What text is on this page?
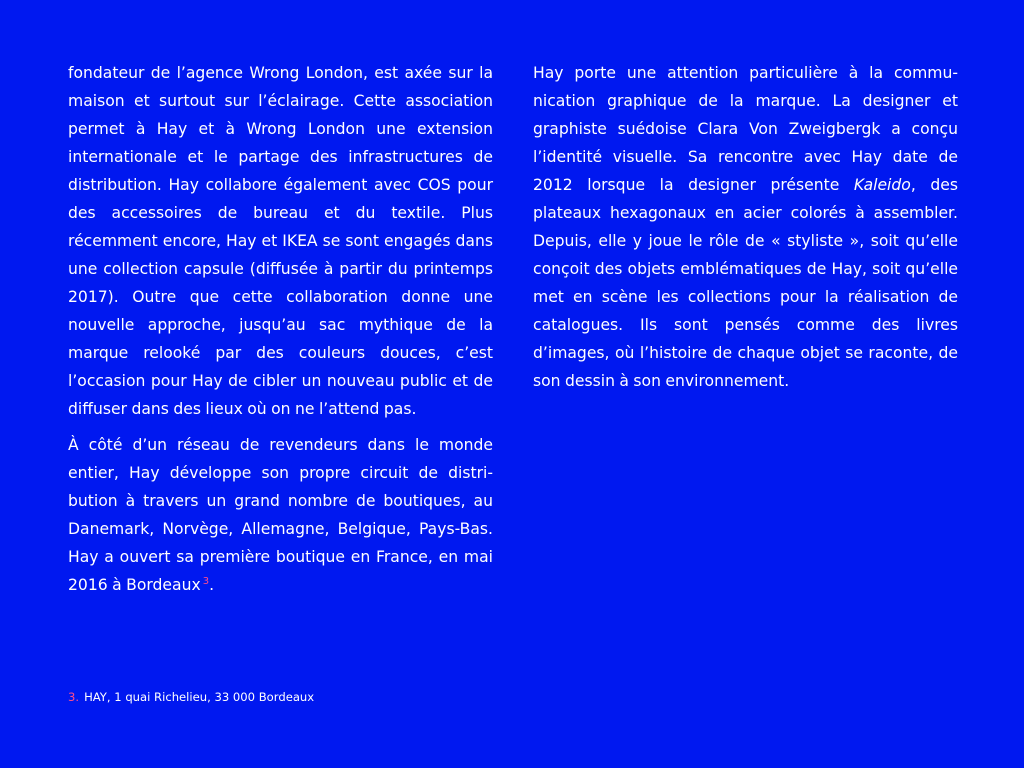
fondateur de l’agence Wrong London, est axée sur la maison et surtout sur l’éclairage. Cette association permet à Hay et à Wrong London une extension internationale et le partage des infrastructures de distribution. Hay collabore également avec COS pour des accessoires de bureau et du textile. Plus récemment encore, Hay et IKEA se sont engagés dans une collection capsule (diffusée à partir du printemps 2017). Outre que cette collaboration donne une nouvelle approche, jusqu’au sac mythique de la marque relooké par des couleurs douces, c’est l’occasion pour Hay de cibler un nouveau public et de diffuser dans des lieux où on ne l’attend pas.

À côté d’un réseau de revendeurs dans le monde entier, Hay développe son propre circuit de distribution à travers un grand nombre de boutiques, au Danemark, Norvège, Allemagne, Belgique, Pays-Bas. Hay a ouvert sa première boutique en France, en mai 2016 à Bordeaux $^3$.

Hay porte une attention particulière à la communication graphique de la marque. La designer et graphiste suédoise Clara Von Zweigbergk a conçu l’identité visuelle. Sa rencontre avec Hay date de 2012 lorsque la designer présente Kaleido, des plateaux hexagonaux en acier colorés à assembler. Depuis, elle y joue le rôle de « styliste », soit qu’elle conçoit des objets emblématiques de Hay, soit qu’elle met en scène les collections pour la réalisation de catalogues. Ils sont pensés comme des livres d’images, où l’histoire de chaque objet se raconte, de son dessin à son environnement.

3. HAY, 1 quai Richelieu, 33 000 Bordeaux
